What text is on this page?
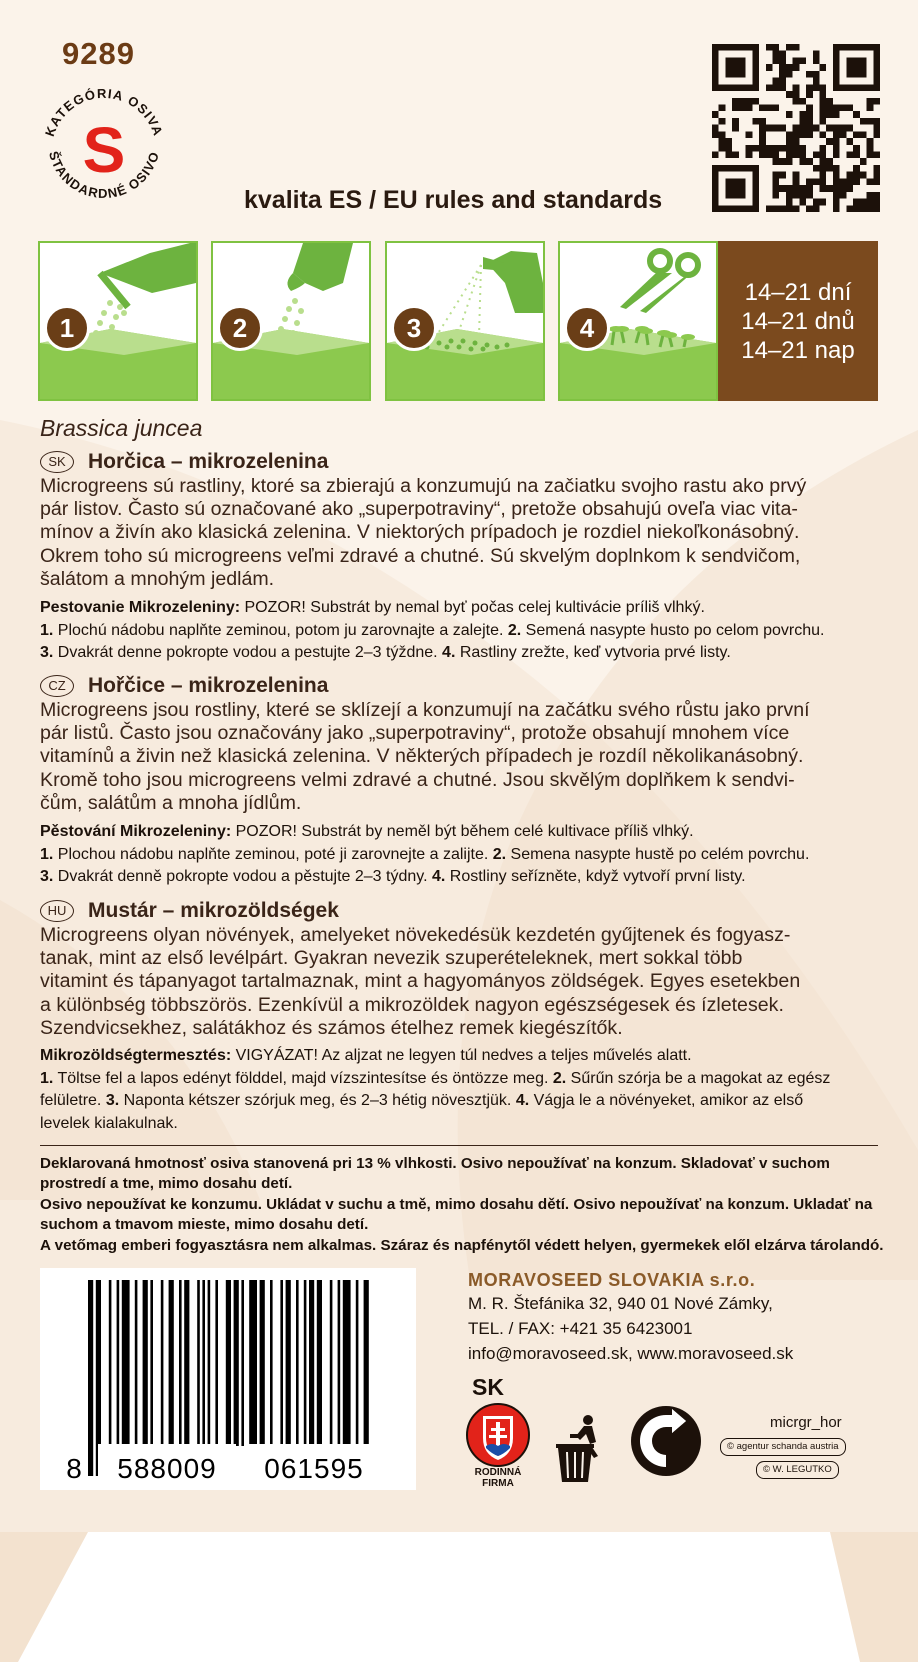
9289
KATEGÓRIA OSIVA
ŠTANDARDNÉ OSIVO
S
kvalita ES / EU rules and standards
1	2	3	4
14–21 dní
14–21 dnů
14–21 nap
Brassica juncea
SK	Horčica – mikrozelenina
Microgreens sú rastliny, ktoré sa zbierajú a konzumujú na začiatku svojho rastu ako prvý
pár listov. Často sú označované ako „superpotraviny“, pretože obsahujú oveľa viac vita-
mínov a živín ako klasická zelenina. V niektorých prípadoch je rozdiel niekoľkonásobný.
Okrem toho sú microgreens veľmi zdravé a chutné. Sú skvelým doplnkom k sendvičom,
šalátom a mnohým jedlám.
Pestovanie Mikrozeleniny: POZOR! Substrát by nemal byť počas celej kultivácie príliš vlhký.
1. Plochú nádobu naplňte zeminou, potom ju zarovnajte a zalejte. 2. Semená nasypte husto po celom povrchu.
3. Dvakrát denne pokropte vodou a pestujte 2–3 týždne. 4. Rastliny zrežte, keď vytvoria prvé listy.
CZ	Hořčice – mikrozelenina
Microgreens jsou rostliny, které se sklízejí a konzumují na začátku svého růstu jako první
pár listů. Často jsou označovány jako „superpotraviny“, protože obsahují mnohem více
vitamínů a živin než klasická zelenina. V některých případech je rozdíl několikanásobný.
Kromě toho jsou microgreens velmi zdravé a chutné. Jsou skvělým doplňkem k sendvi-
čům, salátům a mnoha jídlům.
Pěstování Mikrozeleniny: POZOR! Substrát by neměl být během celé kultivace příliš vlhký.
1. Plochou nádobu naplňte zeminou, poté ji zarovnejte a zalijte. 2. Semena nasypte hustě po celém povrchu.
3. Dvakrát denně pokropte vodou a pěstujte 2–3 týdny. 4. Rostliny seřízněte, když vytvoří první listy.
HU	Mustár – mikrozöldségek
Microgreens olyan növények, amelyeket növekedésük kezdetén gyűjtenek és fogyasz-
tanak, mint az első levélpárt. Gyakran nevezik szuperételeknek, mert sokkal több
vitamint és tápanyagot tartalmaznak, mint a hagyományos zöldségek. Egyes esetekben
a különbség többszörös. Ezenkívül a mikrozöldek nagyon egészségesek és ízletesek.
Szendvicsekhez, salátákhoz és számos ételhez remek kiegészítők.
Mikrozöldségtermesztés: VIGYÁZAT! Az aljzat ne legyen túl nedves a teljes művelés alatt.
1. Töltse fel a lapos edényt földdel, majd vízszintesítse és öntözze meg. 2. Sűrűn szórja be a magokat az egész
felületre. 3. Naponta kétszer szórjuk meg, és 2–3 hétig növesztjük. 4. Vágja le a növényeket, amikor az első
levelek kialakulnak.
Deklarovaná hmotnosť osiva stanovená pri 13 % vlhkosti. Osivo nepoužívať na konzum. Skladovať v suchom
prostredí a tme, mimo dosahu detí.
Osivo nepoužívat ke konzumu. Ukládat v suchu a tmě, mimo dosahu dětí. Osivo nepoužívať na konzum. Ukladať na
suchom a tmavom mieste, mimo dosahu detí.
A vetőmag emberi fogyasztásra nem alkalmas. Száraz és napfénytől védett helyen, gyermekek elől elzárva tárolandó.
8 588009 061595
MORAVOSEED SLOVAKIA s.r.o.
M. R. Štefánika 32, 940 01 Nové Zámky,
TEL. / FAX: +421 35 6423001
info@moravoseed.sk, www.moravoseed.sk
SK
RODINNÁ
FIRMA
micrgr_hor
© agentur schanda austria
© W. LEGUTKO
